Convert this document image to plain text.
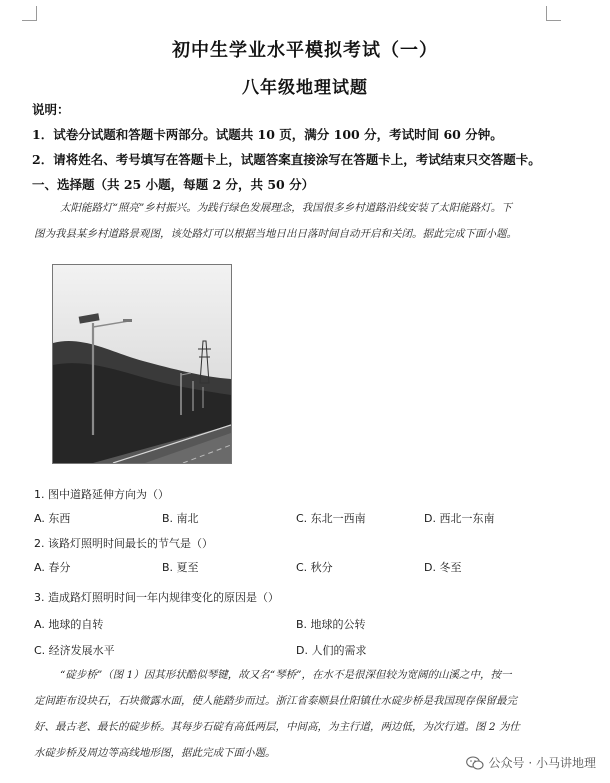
初中生学业水平模拟考试（一）
八年级地理试题
说明：
1．试卷分试题和答题卡两部分。试题共 10 页，满分 100 分，考试时间 60 分钟。
2．请将姓名、考号填写在答题卡上，试题答案直接涂写在答题卡上，考试结束只交答题卡。
一、选择题（共 25 小题，每题 2 分，共 50 分）
太阳能路灯“照亮”乡村振兴。为践行绿色发展理念，我国很多乡村道路沿线安装了太阳能路灯。下
图为我县某乡村道路景观图，该处路灯可以根据当地日出日落时间自动开启和关闭。据此完成下面小题。
1. 图中道路延伸方向为（）
A. 东西	B. 南北	C. 东北一西南	D. 西北一东南
2. 该路灯照明时间最长的节气是（）
A. 春分	B. 夏至	C. 秋分	D. 冬至
3. 造成路灯照明时间一年内规律变化的原因是（）
A. 地球的自转	B. 地球的公转
C. 经济发展水平	D. 人们的需求
“碇步桥”（图 1）因其形状酷似琴键，故又名“琴桥”，在水不是很深但较为宽阔的山溪之中，按一
定间距布设块石，石块微露水面，使人能踏步而过。浙江省泰顺县仕阳镇仕水碇步桥是我国现存保留最完
好、最古老、最长的碇步桥。其每步石碇有高低两层，中间高，为主行道，两边低，为次行道。图 2 为仕
水碇步桥及周边等高线地形图，据此完成下面小题。
公众号 · 小马讲地理
